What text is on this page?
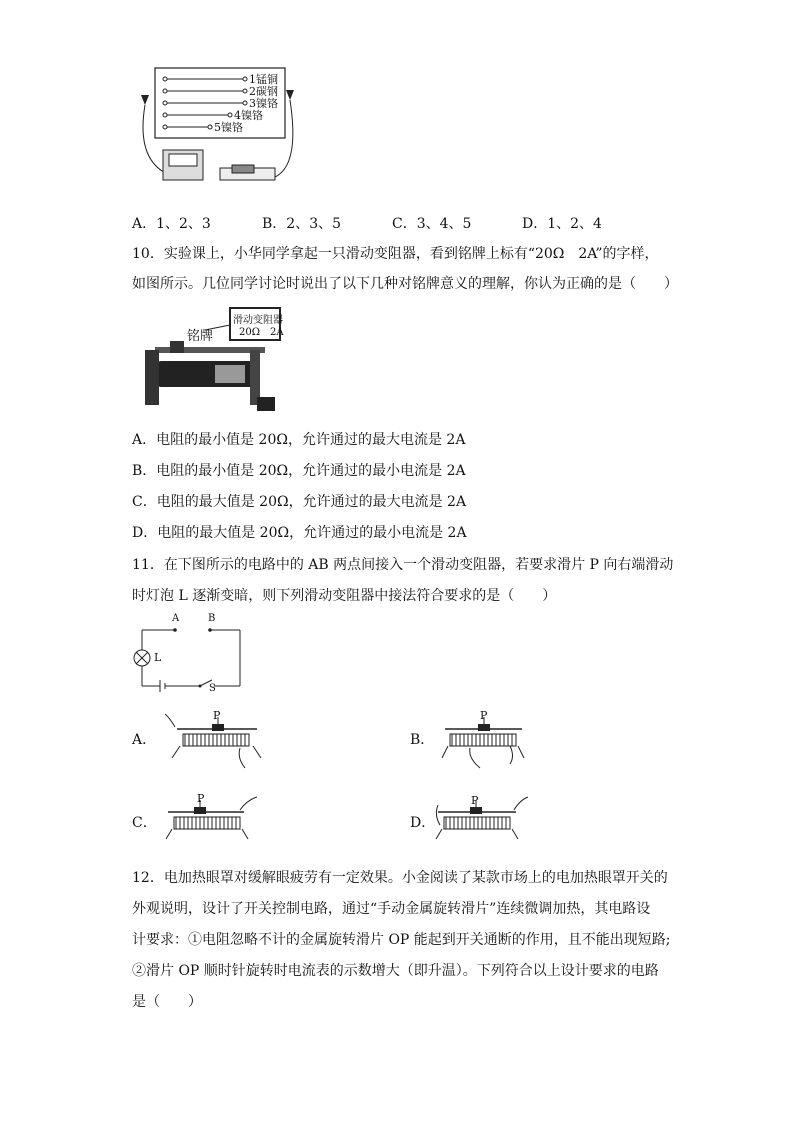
1锰铜
2碳钢
3镍铬
4镍铬
5镍铬
A．1、2、3	B．2、3、5	C．3、4、5	D．1、2、4
10．实验课上，小华同学拿起一只滑动变阻器，看到铭牌上标有“20Ω　2A”的字样，
如图所示。几位同学讨论时说出了以下几种对铭牌意义的理解，你认为正确的是（　　）
铭牌
滑动变阻器
20Ω　2A
A．电阻的最小值是 20Ω，允许通过的最大电流是 2A
B．电阻的最小值是 20Ω，允许通过的最小电流是 2A
C．电阻的最大值是 20Ω，允许通过的最大电流是 2A
D．电阻的最大值是 20Ω，允许通过的最小电流是 2A
11．在下图所示的电路中的 AB 两点间接入一个滑动变阻器，若要求滑片 P 向右端滑动
时灯泡 L 逐渐变暗，则下列滑动变阻器中接法符合要求的是（　　）
A	B
L
S
A．
P
B．
P
C．
P
D．
P
12．电加热眼罩对缓解眼疲劳有一定效果。小金阅读了某款市场上的电加热眼罩开关的
外观说明，设计了开关控制电路，通过“手动金属旋转滑片”连续微调加热，其电路设
计要求：①电阻忽略不计的金属旋转滑片 OP 能起到开关通断的作用，且不能出现短路;
②滑片 OP 顺时针旋转时电流表的示数增大（即升温）。下列符合以上设计要求的电路
是（　　）
